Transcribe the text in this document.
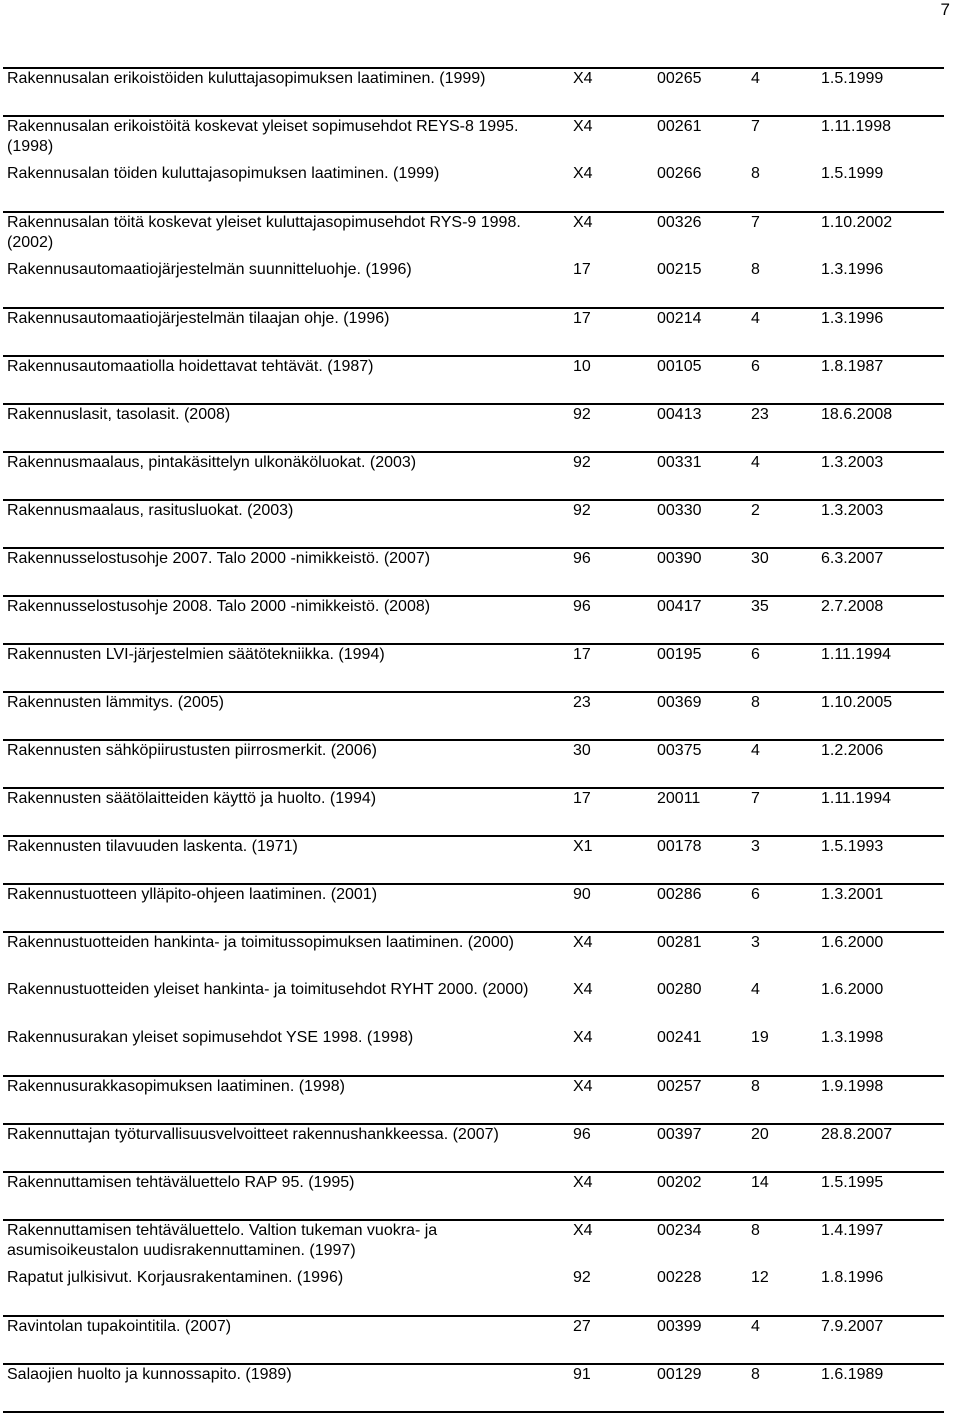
7
Rakennusalan erikoistöiden kuluttajasopimuksen laatiminen. (1999)	X4	00265	4	1.5.1999
Rakennusalan erikoistöitä koskevat yleiset sopimusehdot REYS-8 1995. (1998)	X4	00261	7	1.11.1998
Rakennusalan töiden kuluttajasopimuksen laatiminen. (1999)	X4	00266	8	1.5.1999
Rakennusalan töitä koskevat yleiset kuluttajasopimusehdot RYS-9 1998. (2002)	X4	00326	7	1.10.2002
Rakennusautomaatiojärjestelmän suunnitteluohje. (1996)	17	00215	8	1.3.1996
Rakennusautomaatiojärjestelmän tilaajan ohje. (1996)	17	00214	4	1.3.1996
Rakennusautomaatiolla hoidettavat tehtävät. (1987)	10	00105	6	1.8.1987
Rakennuslasit, tasolasit. (2008)	92	00413	23	18.6.2008
Rakennusmaalaus, pintakäsittelyn ulkonäköluokat. (2003)	92	00331	4	1.3.2003
Rakennusmaalaus, rasitusluokat. (2003)	92	00330	2	1.3.2003
Rakennusselostusohje 2007. Talo 2000 -nimikkeistö. (2007)	96	00390	30	6.3.2007
Rakennusselostusohje 2008. Talo 2000 -nimikkeistö. (2008)	96	00417	35	2.7.2008
Rakennusten LVI-järjestelmien säätötekniikka. (1994)	17	00195	6	1.11.1994
Rakennusten lämmitys. (2005)	23	00369	8	1.10.2005
Rakennusten sähköpiirustusten piirrosmerkit. (2006)	30	00375	4	1.2.2006
Rakennusten säätölaitteiden käyttö ja huolto. (1994)	17	20011	7	1.11.1994
Rakennusten tilavuuden laskenta. (1971)	X1	00178	3	1.5.1993
Rakennustuotteen ylläpito-ohjeen laatiminen. (2001)	90	00286	6	1.3.2001
Rakennustuotteiden hankinta- ja toimitussopimuksen laatiminen. (2000)	X4	00281	3	1.6.2000
Rakennustuotteiden yleiset hankinta- ja toimitusehdot RYHT 2000. (2000)	X4	00280	4	1.6.2000
Rakennusurakan yleiset sopimusehdot YSE 1998. (1998)	X4	00241	19	1.3.1998
Rakennusurakkasopimuksen laatiminen. (1998)	X4	00257	8	1.9.1998
Rakennuttajan työturvallisuusvelvoitteet rakennushankkeessa. (2007)	96	00397	20	28.8.2007
Rakennuttamisen tehtäväluettelo RAP 95. (1995)	X4	00202	14	1.5.1995
Rakennuttamisen tehtäväluettelo. Valtion tukeman vuokra- ja asumisoikeustalon uudisrakennuttaminen. (1997)	X4	00234	8	1.4.1997
Rapatut julkisivut. Korjausrakentaminen. (1996)	92	00228	12	1.8.1996
Ravintolan tupakointitila. (2007)	27	00399	4	7.9.2007
Salaojien huolto ja kunnossapito. (1989)	91	00129	8	1.6.1989
